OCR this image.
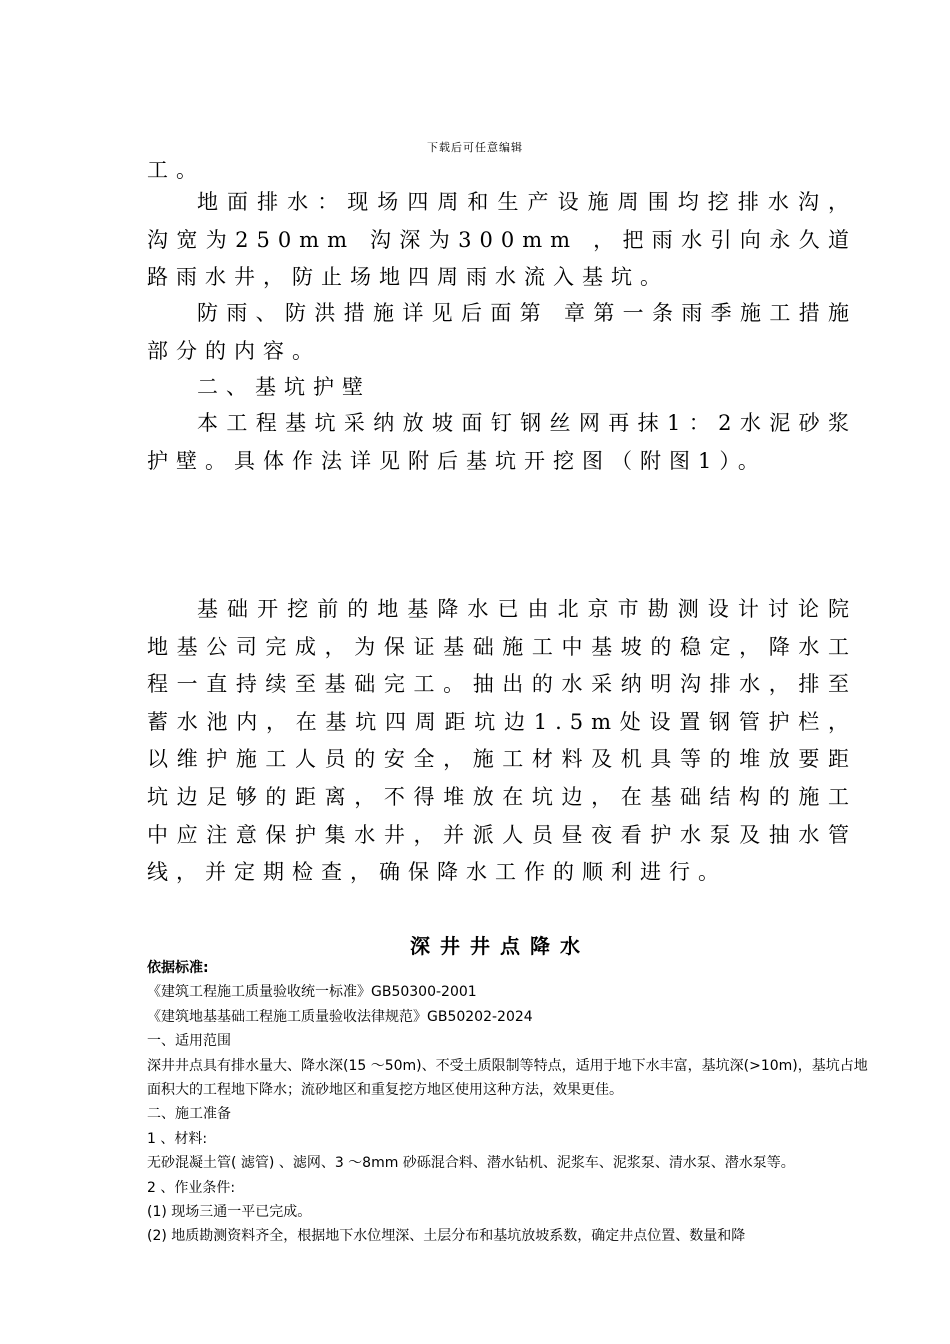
下载后可任意编辑

工。

地面排水：现场四周和生产设施周围均挖排水沟，沟宽为250mm 沟深为300mm ，把雨水引向永久道路雨水井，防止场地四周雨水流入基坑。

防雨、防洪措施详见后面第 章第一条雨季施工措施部分的内容。

二、基坑护壁

本工程基坑采纳放坡面钉钢丝网再抹1：2水泥砂浆护壁。具体作法详见附后基坑开挖图（附图1）。

基础开挖前的地基降水已由北京市勘测设计讨论院地基公司完成，为保证基础施工中基坡的稳定，降水工程一直持续至基础完工。抽出的水采纳明沟排水，排至蓄水池内，在基坑四周距坑边1.5m处设置钢管护栏，以维护施工人员的安全，施工材料及机具等的堆放要距坑边足够的距离，不得堆放在坑边，在基础结构的施工中应注意保护集水井，并派人员昼夜看护水泵及抽水管线，并定期检查，确保降水工作的顺利进行。

深井井点降水

依据标准:

《建筑工程施工质量验收统一标准》GB50300-2001

《建筑地基基础工程施工质量验收法律规范》GB50202-2024

一、适用范围

深井井点具有排水量大、降水深(15 ～50m)、不受土质限制等特点，适用于地下水丰富，基坑深(>10m)，基坑占地面积大的工程地下降水；流砂地区和重复挖方地区使用这种方法，效果更佳。

二、施工准备

1 、材料:

无砂混凝土管( 滤管) 、滤网、3 ～8mm 砂砾混合料、潜水钻机、泥浆车、泥浆泵、清水泵、潜水泵等。

2 、作业条件:

(1) 现场三通一平已完成。

(2) 地质勘测资料齐全，根据地下水位埋深、土层分布和基坑放坡系数，确定井点位置、数量和降
